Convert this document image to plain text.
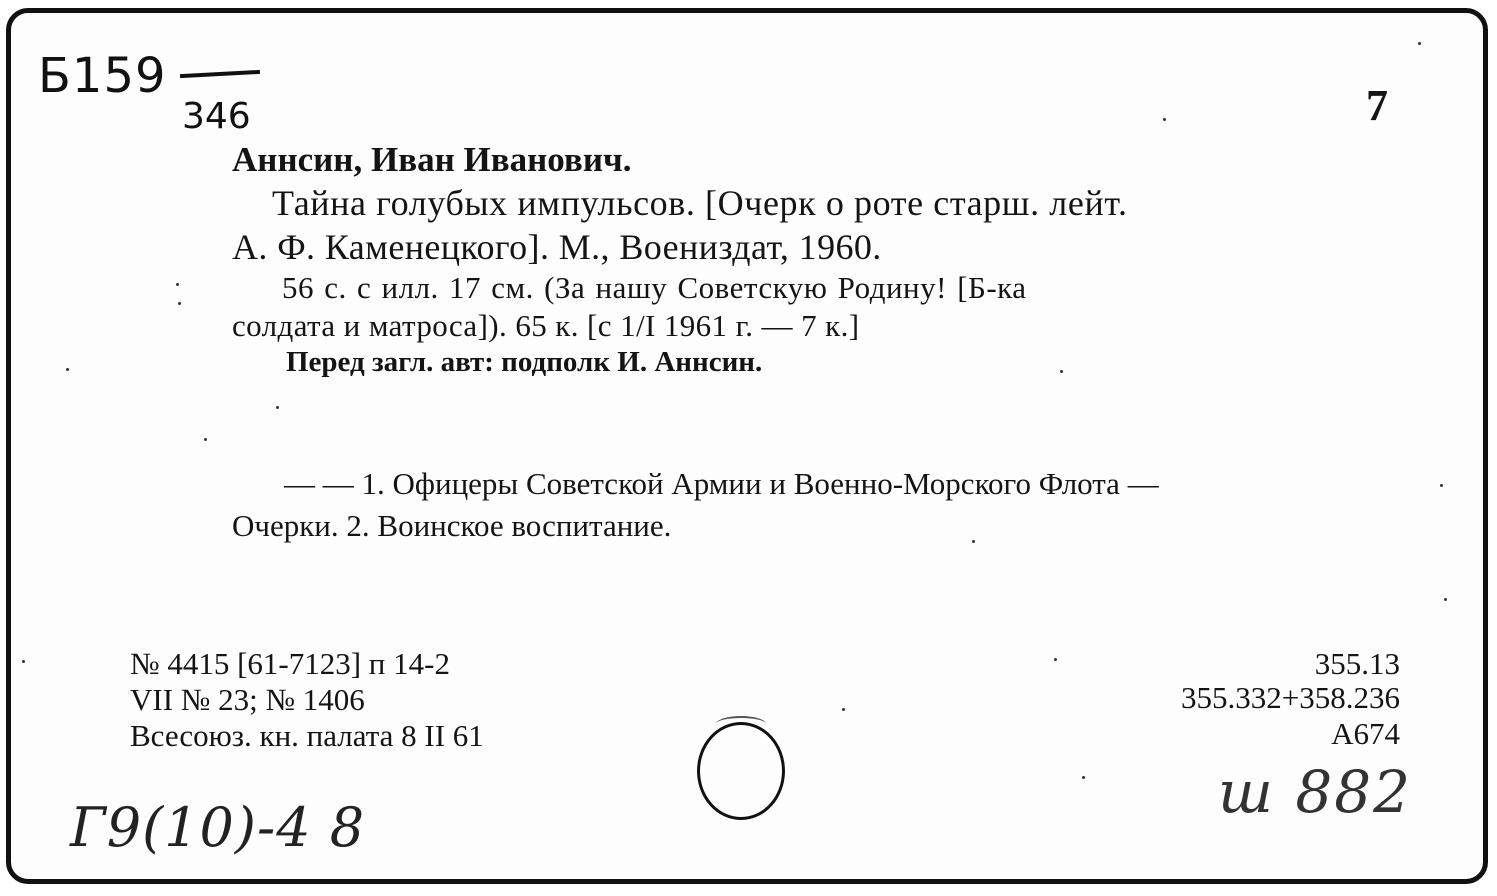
Б159
346	7
Аннсин, Иван Иванович.
Тайна голубых импульсов. [Очерк о роте старш. лейт.
А. Ф. Каменецкого]. М., Воениздат, 1960.
56 с. с илл. 17 см. (За нашу Советскую Родину! [Б-ка
солдата и матроса]). 65 к. [с 1/I 1961 г. — 7 к.]
Перед загл. авт: подполк И. Аннсин.
— — 1. Офицеры Советской Армии и Военно-Морского Флота —
Очерки. 2. Воинское воспитание.
№ 4415 [61-7123] п 14-2
VII № 23; № 1406
Всесоюз. кн. палата 8 II 61
355.13
355.332+358.236
А674
Г9(10)-4 8
ш 882
